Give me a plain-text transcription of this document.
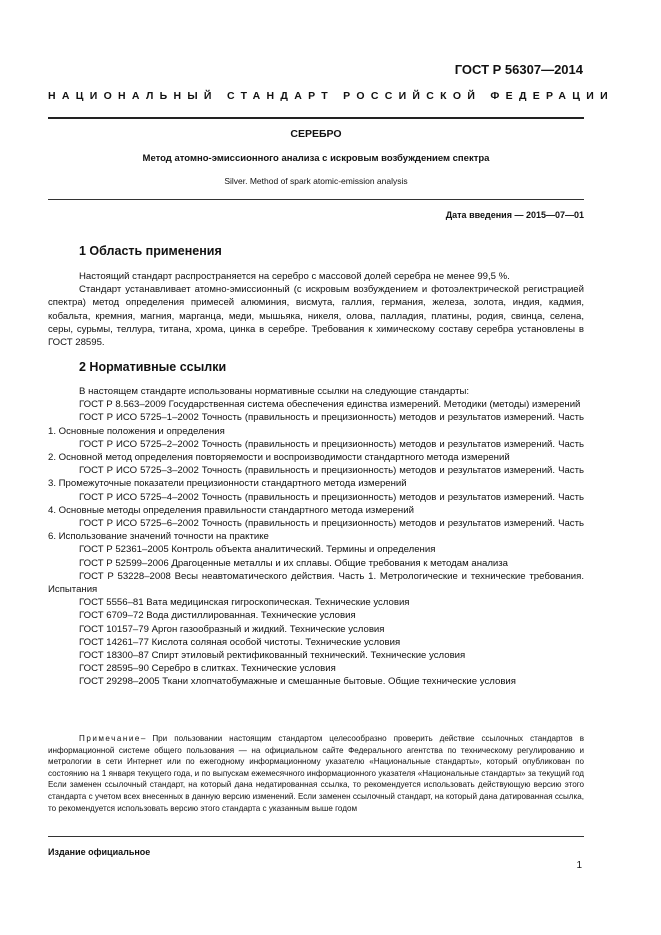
ГОСТ Р 56307—2014
НАЦИОНАЛЬНЫЙ СТАНДАРТ РОССИЙСКОЙ ФЕДЕРАЦИИ
СЕРЕБРО
Метод атомно-эмиссионного анализа с искровым возбуждением спектра
Silver. Method of spark atomic-emission analysis
Дата введения — 2015—07—01
1 Область применения

Настоящий стандарт распространяется на серебро с массовой долей серебра не менее 99,5 %.

Стандарт устанавливает атомно-эмиссионный (с искровым возбуждением и фотоэлектрической регистрацией спектра) метод определения примесей алюминия, висмута, галлия, германия, железа, золота, индия, кадмия, кобальта, кремния, магния, марганца, меди, мышьяка, никеля, олова, палладия, платины, родия, свинца, селена, серы, сурьмы, теллура, титана, хрома, цинка в серебре. Требования к химическому составу серебра установлены в ГОСТ 28595.

2 Нормативные ссылки

В настоящем стандарте использованы нормативные ссылки на следующие стандарты:

ГОСТ Р 8.563–2009 Государственная система обеспечения единства измерений. Методики (методы) измерений

ГОСТ Р ИСО 5725–1–2002 Точность (правильность и прецизионность) методов и результатов измерений. Часть 1. Основные положения и определения

ГОСТ Р ИСО 5725–2–2002 Точность (правильность и прецизионность) методов и результатов измерений. Часть 2. Основной метод определения повторяемости и воспроизводимости стандартного метода измерений

ГОСТ Р ИСО 5725–3–2002 Точность (правильность и прецизионность) методов и результатов измерений. Часть 3. Промежуточные показатели прецизионности стандартного метода измерений

ГОСТ Р ИСО 5725–4–2002 Точность (правильность и прецизионность) методов и результатов измерений. Часть 4. Основные методы определения правильности стандартного метода измерений

ГОСТ Р ИСО 5725–6–2002 Точность (правильность и прецизионность) методов и результатов измерений. Часть 6. Использование значений точности на практике

ГОСТ Р 52361–2005 Контроль объекта аналитический. Термины и определения

ГОСТ Р 52599–2006 Драгоценные металлы и их сплавы. Общие требования к методам анализа

ГОСТ Р 53228–2008 Весы неавтоматического действия. Часть 1. Метрологические и технические требования. Испытания

ГОСТ 5556–81 Вата медицинская гигроскопическая. Технические условия

ГОСТ 6709–72 Вода дистиллированная. Технические условия

ГОСТ 10157–79 Аргон газообразный и жидкий. Технические условия

ГОСТ 14261–77 Кислота соляная особой чистоты. Технические условия

ГОСТ 18300–87 Спирт этиловый ректификованный технический. Технические условия

ГОСТ 28595–90 Серебро в слитках. Технические условия

ГОСТ 29298–2005 Ткани хлопчатобумажные и смешанные бытовые. Общие технические условия

Примечание– При пользовании настоящим стандартом целесообразно проверить действие ссылочных стандартов в информационной системе общего пользования — на официальном сайте Федерального агентства по техническому регулированию и метрологии в сети Интернет или по ежегодному информационному указателю «Национальные стандарты», который опубликован по состоянию на 1 января текущего года, и по выпускам ежемесячного информационного указателя «Национальные стандарты» за текущий год Если заменен ссылочный стандарт, на который дана недатированная ссылка, то рекомендуется использовать действующую версию этого стандарта с учетом всех внесенных в данную версию изменений. Если заменен ссылочный стандарт, на который дана датированная ссылка, то рекомендуется использовать версию этого стандарта с указанным выше годом

Издание официальное
1
